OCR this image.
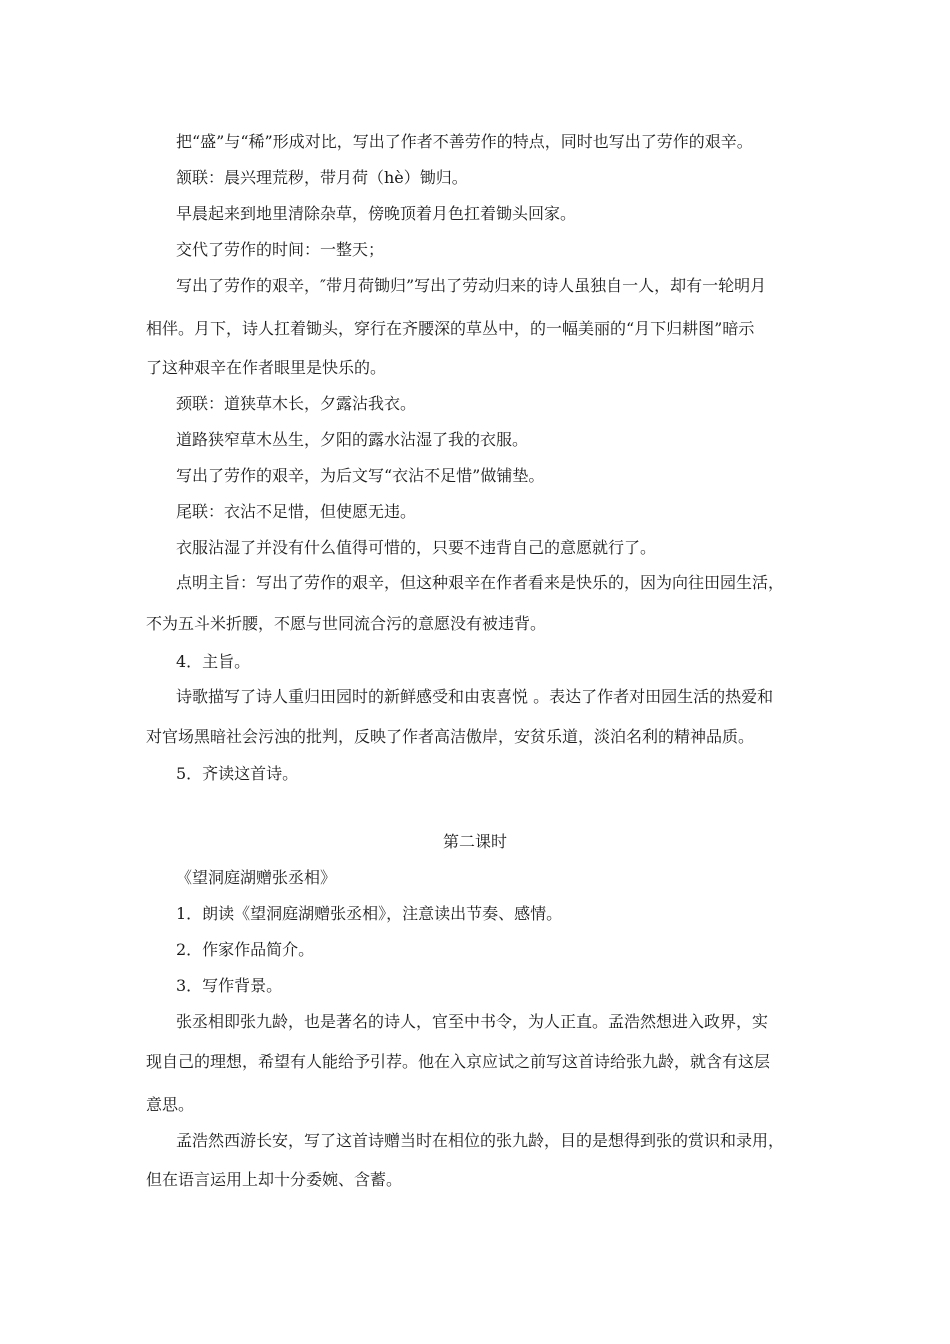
把“盛”与“稀”形成对比，写出了作者不善劳作的特点，同时也写出了劳作的艰辛。
颔联：晨兴理荒秽，带月荷（hè）锄归。
早晨起来到地里清除杂草，傍晚顶着月色扛着锄头回家。
交代了劳作的时间：一整天；
写出了劳作的艰辛，″带月荷锄归”写出了劳动归来的诗人虽独自一人，却有一轮明月
相伴。月下，诗人扛着锄头，穿行在齐腰深的草丛中，的一幅美丽的“月下归耕图”暗示
了这种艰辛在作者眼里是快乐的。
颈联：道狭草木长，夕露沾我衣。
道路狭窄草木丛生，夕阳的露水沾湿了我的衣服。
写出了劳作的艰辛，为后文写“衣沾不足惜”做铺垫。
尾联：衣沾不足惜，但使愿无违。
衣服沾湿了并没有什么值得可惜的，只要不违背自己的意愿就行了。
点明主旨：写出了劳作的艰辛，但这种艰辛在作者看来是快乐的，因为向往田园生活，
不为五斗米折腰，不愿与世同流合污的意愿没有被违背。
4．主旨。
诗歌描写了诗人重归田园时的新鲜感受和由衷喜悦 。表达了作者对田园生活的热爱和
对官场黑暗社会污浊的批判，反映了作者高洁傲岸，安贫乐道，淡泊名利的精神品质。
5．齐读这首诗。
第二课时
《望洞庭湖赠张丞相》
1．朗读《望洞庭湖赠张丞相》，注意读出节奏、感情。
2．作家作品简介。
3．写作背景。
张丞相即张九龄，也是著名的诗人，官至中书令，为人正直。孟浩然想进入政界，实
现自己的理想，希望有人能给予引荐。他在入京应试之前写这首诗给张九龄，就含有这层
意思。
孟浩然西游长安，写了这首诗赠当时在相位的张九龄，目的是想得到张的赏识和录用，
但在语言运用上却十分委婉、含蓄。
